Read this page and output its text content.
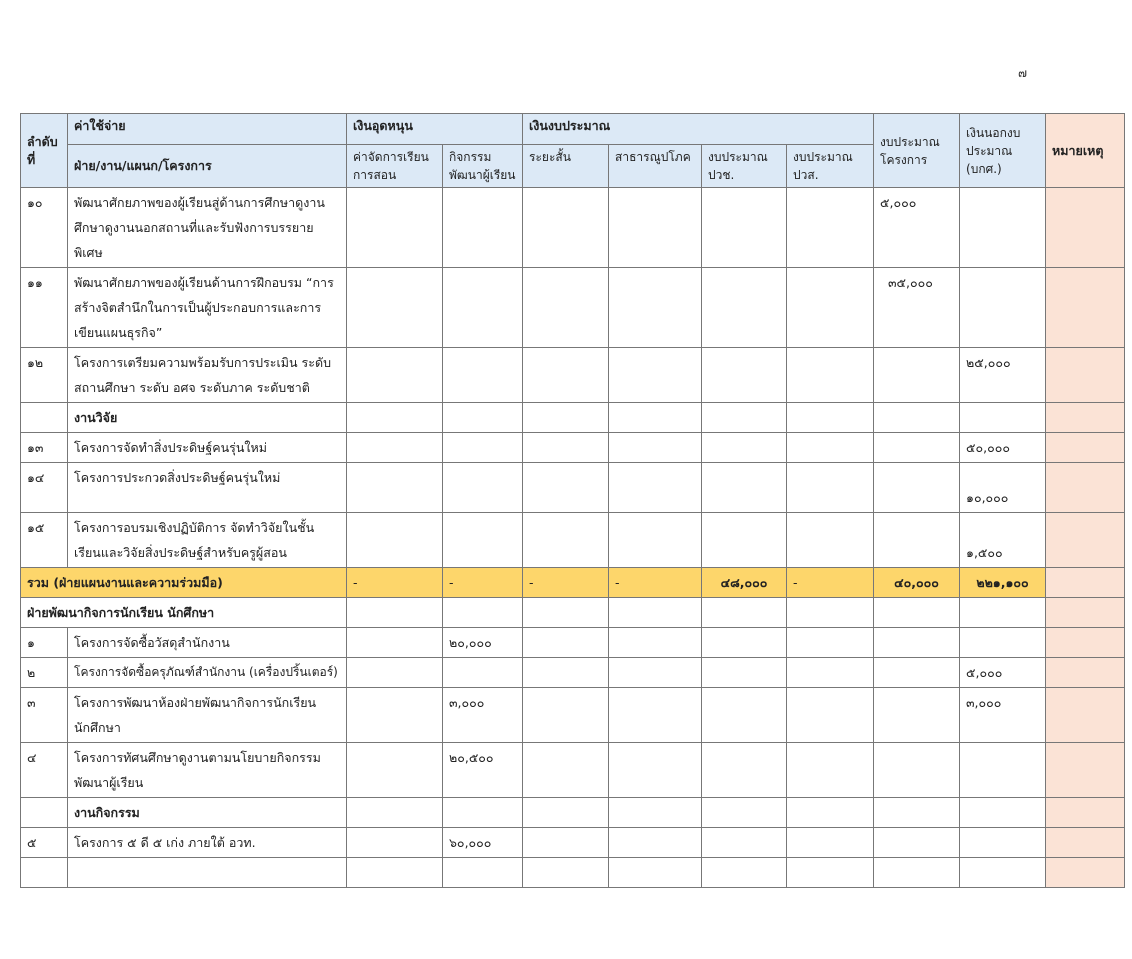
๗
ลำดับที่	ค่าใช้จ่าย	เงินอุดหนุน		เงินงบประมาณ				งบประมาณโครงการ	เงินนอกงบประมาณ (บกศ.)	หมายเหตุ
	ฝ่าย/งาน/แผนก/โครงการ	ค่าจัดการเรียนการสอน	กิจกรรมพัฒนาผู้เรียน	ระยะสั้น	สาธารณูปโภค	งบประมาณ ปวช.	งบประมาณ ปวส.			
๑๐	พัฒนาศักยภาพของผู้เรียนสู่ด้านการศึกษาดูงานศึกษาดูงานนอกสถานที่และรับฟังการบรรยายพิเศษ							๕,๐๐๐		
๑๑	พัฒนาศักยภาพของผู้เรียนด้านการฝึกอบรม “การสร้างจิตสำนึกในการเป็นผู้ประกอบการและการเขียนแผนธุรกิจ”							๓๕,๐๐๐		
๑๒	โครงการเตรียมความพร้อมรับการประเมิน ระดับสถานศึกษา ระดับ อศจ ระดับภาค ระดับชาติ								๒๕,๐๐๐	
	งานวิจัย									
๑๓	โครงการจัดทำสิ่งประดิษฐ์คนรุ่นใหม่								๕๐,๐๐๐	
๑๔	โครงการประกวดสิ่งประดิษฐ์คนรุ่นใหม่								๑๐,๐๐๐	
๑๕	โครงการอบรมเชิงปฏิบัติการ จัดทำวิจัยในชั้นเรียนและวิจัยสิ่งประดิษฐ์สำหรับครูผู้สอน								๑,๕๐๐	
รวม (ฝ่ายแผนงานและความร่วมมือ)		-	-	-	-	๔๘,๐๐๐	-	๔๐,๐๐๐	๒๒๑,๑๐๐	
ฝ่ายพัฒนากิจการนักเรียน นักศึกษา										
๑	โครงการจัดซื้อวัสดุสำนักงาน		๒๐,๐๐๐							
๒	โครงการจัดซื้อครุภัณฑ์สำนักงาน (เครื่องปริ้นเตอร์)								๕,๐๐๐	
๓	โครงการพัฒนาห้องฝ่ายพัฒนากิจการนักเรียน นักศึกษา		๓,๐๐๐						๓,๐๐๐	
๔	โครงการทัศนศึกษาดูงานตามนโยบายกิจกรรมพัฒนาผู้เรียน		๒๐,๕๐๐							
	งานกิจกรรม									
๕	โครงการ ๕ ดี ๕ เก่ง ภายใต้ อวท.		๖๐,๐๐๐							
